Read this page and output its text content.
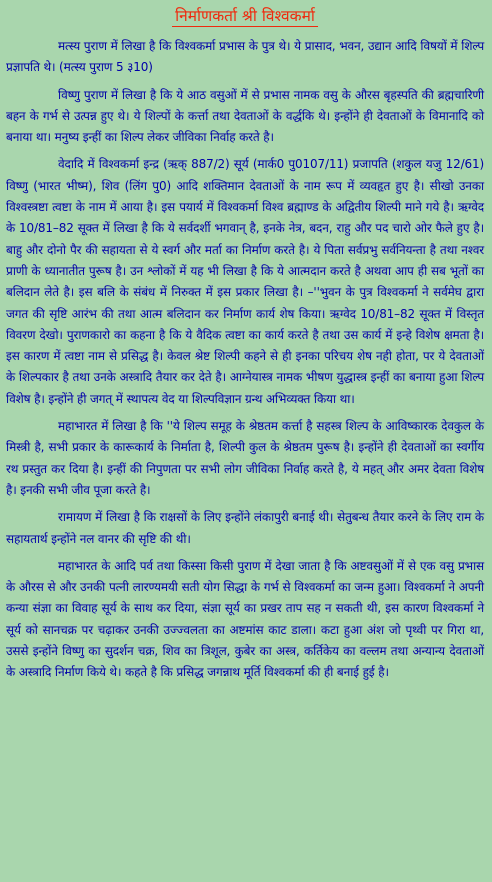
निर्माणकर्ता श्री विश्वकर्मा

मत्स्य पुराण में लिखा है कि विश्वकर्मा प्रभास के पुत्र थे। ये प्रासाद, भवन, उद्यान आदि विषयों में शिल्प प्रज्ञापति थे। (मत्स्य पुराण 5 ३10)

विष्णु पुराण में लिखा है कि ये आठ वसुओं में से प्रभास नामक वसु के औरस बृहस्पति की ब्रह्मचारिणी बहन के गर्भ से उत्पन्न हुए थे। ये शिल्पों के कर्त्ता तथा देवताओं के वर्द्धकि थे। इन्होंने ही देवताओं के विमानादि को बनाया था। मनुष्य इन्हीं का शिल्प लेकर जीविका निर्वाह करते है।

वेदादि में विश्वकर्मा इन्द्र (ऋक् 887/2) सूर्य (मार्क0 पु0107/11) प्रजापति (शकुल यजु 12/61) विष्णु (भारत भीष्म), शिव (लिंग पु0) आदि शक्तिमान देवताओं के नाम रूप में व्यवहृत हुए है। सीखो उनका विश्वस्त्रष्टा त्वष्टा के नाम में आया है। इस पयार्य में विश्वकर्मा विश्व ब्रह्माण्ड के अद्वितीय शिल्पी माने गये है। ऋग्वेद के 10/81–82 सूक्त में लिखा है कि ये सर्वदर्शी भगवान् है, इनके नेत्र, बदन, राहु और पद चारो ओर फैले हुए है। बाहु और दोनो पैर की सहायता से ये स्वर्ग और मर्ता का निर्माण करते है। ये पिता सर्वप्रभु सर्वनियन्ता है तथा नश्वर प्राणी के ध्यानातीत पुरूष है। उन श्लोकों में यह भी लिखा है कि ये आत्मदान करते है अथवा आप ही सब भूतों का बलिदान लेते है। इस बलि के संबंध में निरुक्त में इस प्रकार लिखा है। –''भुवन के पुत्र विश्वकर्मा ने सर्वमेघ द्वारा जगत की सृष्टि आरंभ की तथा आत्म बलिदान कर निर्माण कार्य शेष किया। ऋग्वेद 10/81–82 सूक्त में विस्तृत विवरण देखो। पुराणकारो का कहना है कि ये वैदिक त्वष्टा का कार्य करते है तथा उस कार्य में इन्हे विशेष क्षमता है। इस कारण में त्वष्टा नाम से प्रसिद्ध है। केवल श्रेष्ट शिल्पी कहने से ही इनका परिचय शेष नही होता, पर ये देवताओं के शिल्पकार है तथा उनके अस्त्रादि तैयार कर देते है। आग्नेयास्त्र नामक भीषण युद्धास्त्र इन्हीं का बनाया हुआ शिल्प विशेष है। इन्होंने ही जगत् में स्थापत्य वेद या शिल्पविज्ञान ग्रन्थ अभिव्यक्त किया था।

महाभारत में लिखा है कि ''ये शिल्प समूह के श्रेष्ठतम कर्त्ता है सहस्त्र शिल्प के आविष्कारक देवकुल के मिस्त्री है, सभी प्रकार के कारूकार्य के निर्माता है, शिल्पी कुल के श्रेष्ठतम पुरूष है। इन्होंने ही देवताओं का स्वर्गीय रथ प्रस्तुत कर दिया है। इन्हीं की निपुणता पर सभी लोग जीविका निर्वाह करते है, ये महत् और अमर देवता विशेष है। इनकी सभी जीव पूजा करते है।

रामायण में लिखा है कि राक्षसों के लिए इन्होंने लंकापुरी बनाई थी। सेतुबन्ध तैयार करने के लिए राम के सहायतार्थ इन्होंने नल वानर की सृष्टि की थी।

महाभारत के आदि पर्व तथा किस्सा किसी पुराण में देखा जाता है कि अष्टवसुओं में से एक वसु प्रभास के औरस से और उनकी पत्नी लारण्यमयी सती योग सिद्धा के गर्भ से विश्वकर्मा का जन्म हुआ। विश्वकर्मा ने अपनी कन्या संज्ञा का विवाह सूर्य के साथ कर दिया, संज्ञा सूर्य का प्रखर ताप सह न सकती थी, इस कारण विश्वकर्मा ने सूर्य को सानचक्र पर चढ़ाकर उनकी उज्ज्वलता का अष्टमांस काट डाला। कटा हुआ अंश जो पृथ्वी पर गिरा था, उससे इन्होंने विष्णु का सुदर्शन चक्र, शिव का त्रिशूल, कुबेर का अस्त्र, कर्तिकेय का वल्लम तथा अन्यान्य देवताओं के अस्त्रादि निर्माण किये थे। कहते है कि प्रसिद्ध जगन्नाथ मूर्ति विश्वकर्मा की ही बनाई हुई है।
